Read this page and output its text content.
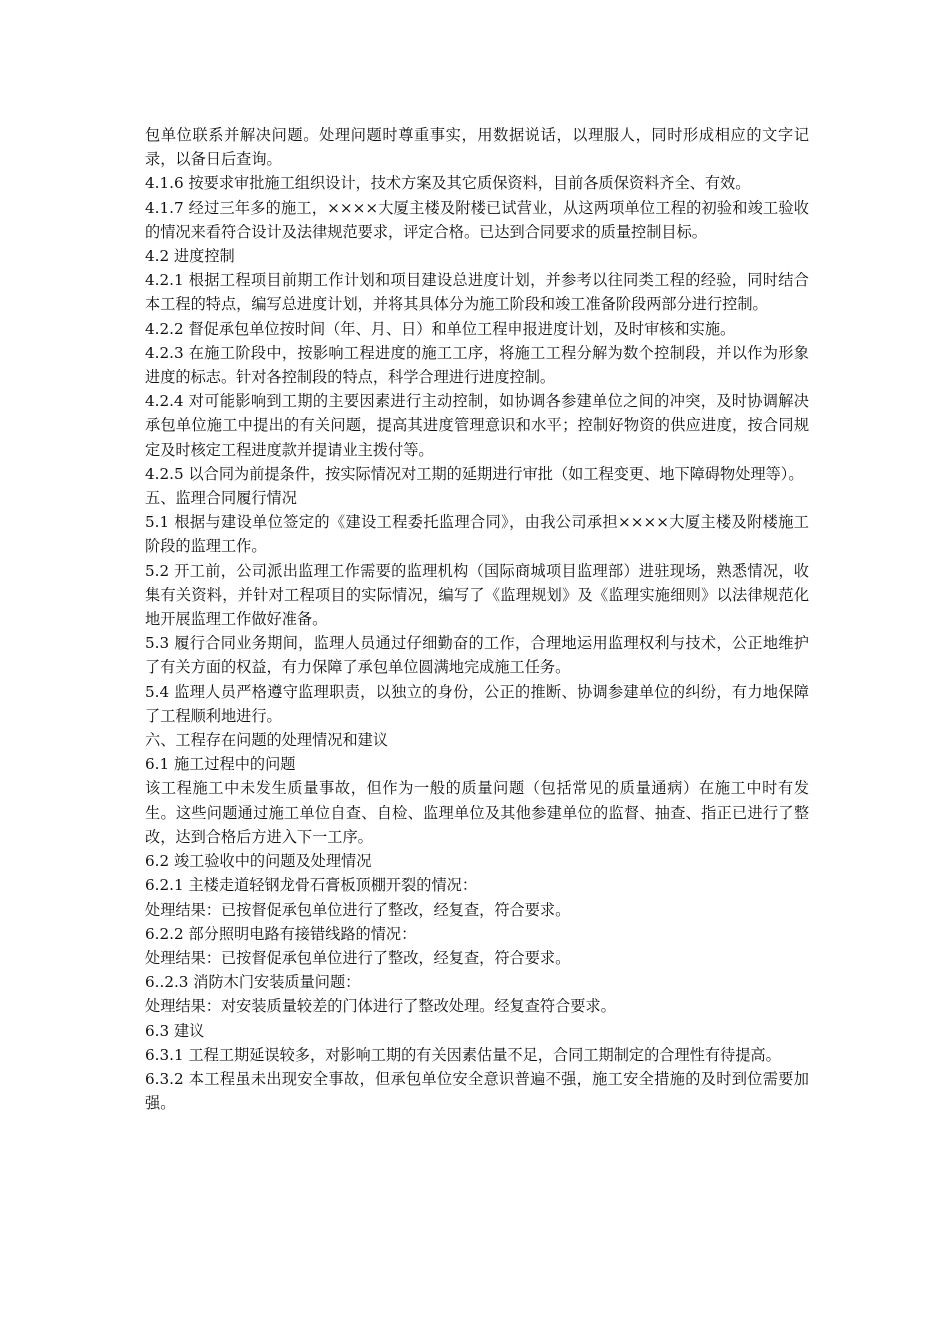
包单位联系并解决问题。处理问题时尊重事实，用数据说话，以理服人，同时形成相应的文字记录，以备日后查询。

4.1.6 按要求审批施工组织设计，技术方案及其它质保资料，目前各质保资料齐全、有效。

4.1.7 经过三年多的施工，××××大厦主楼及附楼已试营业，从这两项单位工程的初验和竣工验收的情况来看符合设计及法律规范要求，评定合格。已达到合同要求的质量控制目标。

4.2 进度控制

4.2.1 根据工程项目前期工作计划和项目建设总进度计划，并参考以往同类工程的经验，同时结合本工程的特点，编写总进度计划，并将其具体分为施工阶段和竣工准备阶段两部分进行控制。

4.2.2 督促承包单位按时间（年、月、日）和单位工程申报进度计划，及时审核和实施。

4.2.3 在施工阶段中，按影响工程进度的施工工序，将施工工程分解为数个控制段，并以作为形象进度的标志。针对各控制段的特点，科学合理进行进度控制。

4.2.4 对可能影响到工期的主要因素进行主动控制，如协调各参建单位之间的冲突，及时协调解决承包单位施工中提出的有关问题，提高其进度管理意识和水平；控制好物资的供应进度，按合同规定及时核定工程进度款并提请业主拨付等。

4.2.5 以合同为前提条件，按实际情况对工期的延期进行审批（如工程变更、地下障碍物处理等）。

五、监理合同履行情况

5.1 根据与建设单位签定的《建设工程委托监理合同》，由我公司承担××××大厦主楼及附楼施工阶段的监理工作。

5.2 开工前，公司派出监理工作需要的监理机构（国际商城项目监理部）进驻现场，熟悉情况，收集有关资料，并针对工程项目的实际情况，编写了《监理规划》及《监理实施细则》以法律规范化地开展监理工作做好准备。

5.3 履行合同业务期间，监理人员通过仔细勤奋的工作，合理地运用监理权利与技术，公正地维护了有关方面的权益，有力保障了承包单位圆满地完成施工任务。

5.4 监理人员严格遵守监理职责，以独立的身份，公正的推断、协调参建单位的纠纷，有力地保障了工程顺利地进行。

六、工程存在问题的处理情况和建议

6.1 施工过程中的问题

该工程施工中未发生质量事故，但作为一般的质量问题（包括常见的质量通病）在施工中时有发生。这些问题通过施工单位自查、自检、监理单位及其他参建单位的监督、抽查、指正已进行了整改，达到合格后方进入下一工序。

6.2 竣工验收中的问题及处理情况

6.2.1 主楼走道轻钢龙骨石膏板顶棚开裂的情况：

处理结果：已按督促承包单位进行了整改，经复查，符合要求。

6.2.2 部分照明电路有接错线路的情况：

处理结果：已按督促承包单位进行了整改，经复查，符合要求。

6..2.3 消防木门安装质量问题：

处理结果：对安装质量较差的门体进行了整改处理。经复查符合要求。

6.3 建议

6.3.1 工程工期延误较多，对影响工期的有关因素估量不足，合同工期制定的合理性有待提高。

6.3.2 本工程虽未出现安全事故，但承包单位安全意识普遍不强，施工安全措施的及时到位需要加强。
